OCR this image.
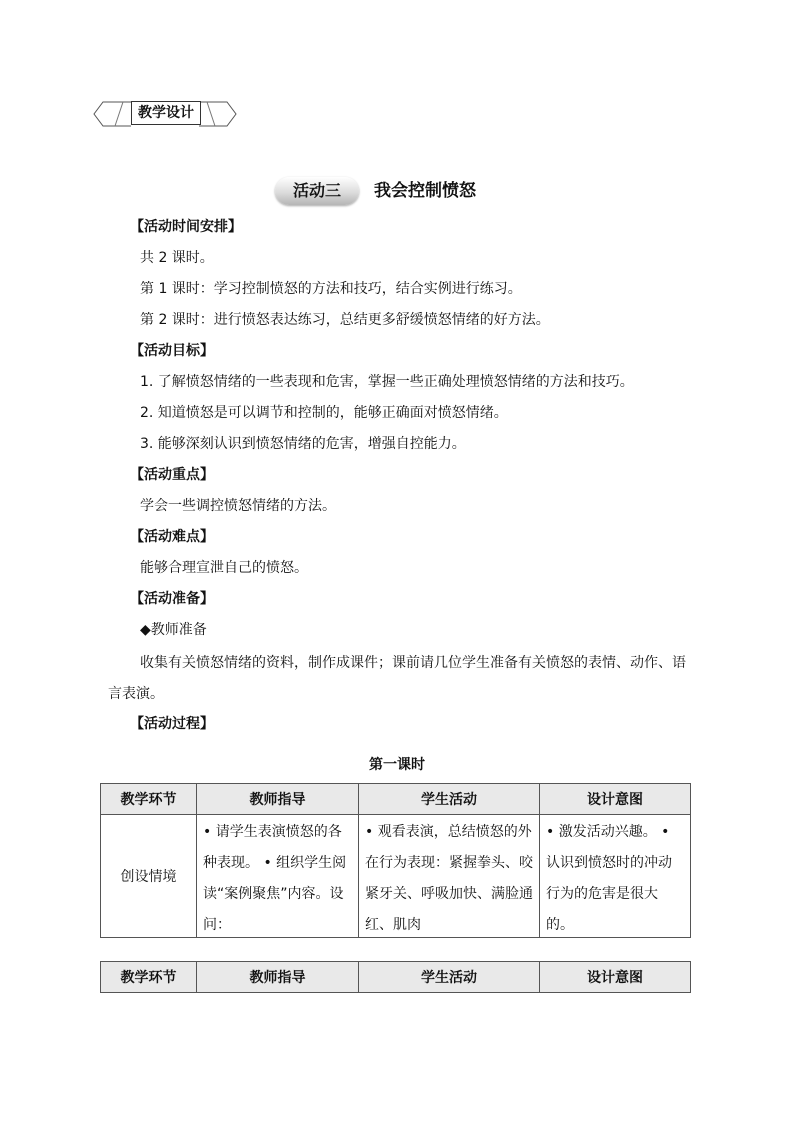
教学设计
活动三	我会控制愤怒
【活动时间安排】
共 2 课时。
第 1 课时：学习控制愤怒的方法和技巧，结合实例进行练习。
第 2 课时：进行愤怒表达练习，总结更多舒缓愤怒情绪的好方法。
【活动目标】
1. 了解愤怒情绪的一些表现和危害，掌握一些正确处理愤怒情绪的方法和技巧。
2. 知道愤怒是可以调节和控制的，能够正确面对愤怒情绪。
3. 能够深刻认识到愤怒情绪的危害，增强自控能力。
【活动重点】
学会一些调控愤怒情绪的方法。
【活动难点】
能够合理宣泄自己的愤怒。
【活动准备】
◆教师准备
收集有关愤怒情绪的资料，制作成课件；课前请几位学生准备有关愤怒的表情、动作、语言表演。
【活动过程】
第一课时
教学环节	教师指导	学生活动	设计意图
创设情境	• 请学生表演愤怒的各种表现。 • 组织学生阅读“案例聚焦”内容。设问：	• 观看表演，总结愤怒的外在行为表现：紧握拳头、咬紧牙关、呼吸加快、满脸通红、肌肉	• 激发活动兴趣。 • 认识到愤怒时的冲动行为的危害是很大的。
教学环节	教师指导	学生活动	设计意图
